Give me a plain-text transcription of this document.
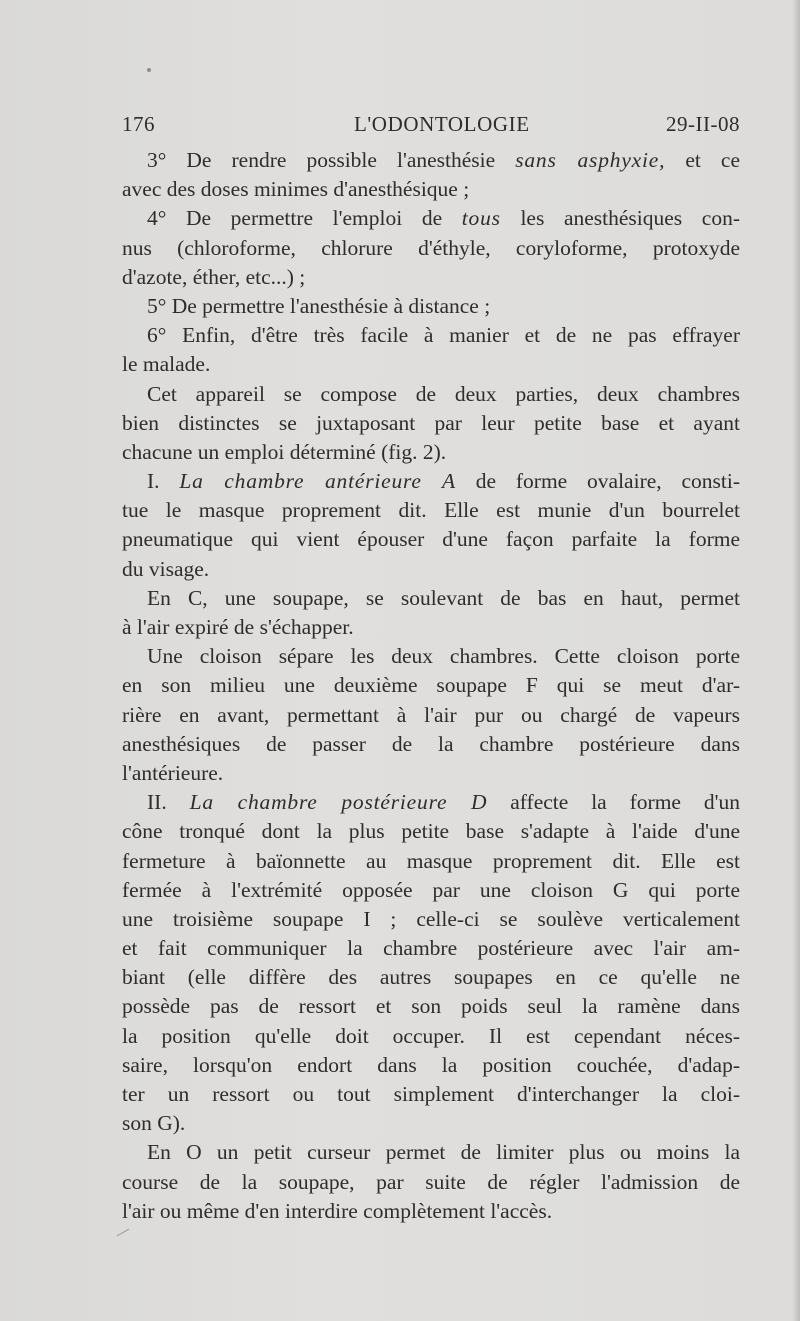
176	L'ODONTOLOGIE	29-II-08
3° De rendre possible l'anesthésie sans asphyxie, et ce
avec des doses minimes d'anesthésique ;
4° De permettre l'emploi de tous les anesthésiques con-
nus (chloroforme, chlorure d'éthyle, coryloforme, protoxyde
d'azote, éther, etc...) ;
5° De permettre l'anesthésie à distance ;
6° Enfin, d'être très facile à manier et de ne pas effrayer
le malade.
Cet appareil se compose de deux parties, deux chambres
bien distinctes se juxtaposant par leur petite base et ayant
chacune un emploi déterminé (fig. 2).
I. La chambre antérieure A de forme ovalaire, consti-
tue le masque proprement dit. Elle est munie d'un bourrelet
pneumatique qui vient épouser d'une façon parfaite la forme
du visage.
En C, une soupape, se soulevant de bas en haut, permet
à l'air expiré de s'échapper.
Une cloison sépare les deux chambres. Cette cloison porte
en son milieu une deuxième soupape F qui se meut d'ar-
rière en avant, permettant à l'air pur ou chargé de vapeurs
anesthésiques de passer de la chambre postérieure dans
l'antérieure.
II. La chambre postérieure D affecte la forme d'un
cône tronqué dont la plus petite base s'adapte à l'aide d'une
fermeture à baïonnette au masque proprement dit. Elle est
fermée à l'extrémité opposée par une cloison G qui porte
une troisième soupape I ; celle-ci se soulève verticalement
et fait communiquer la chambre postérieure avec l'air am-
biant (elle diffère des autres soupapes en ce qu'elle ne
possède pas de ressort et son poids seul la ramène dans
la position qu'elle doit occuper. Il est cependant néces-
saire, lorsqu'on endort dans la position couchée, d'adap-
ter un ressort ou tout simplement d'interchanger la cloi-
son G).
En O un petit curseur permet de limiter plus ou moins la
course de la soupape, par suite de régler l'admission de
l'air ou même d'en interdire complètement l'accès.
